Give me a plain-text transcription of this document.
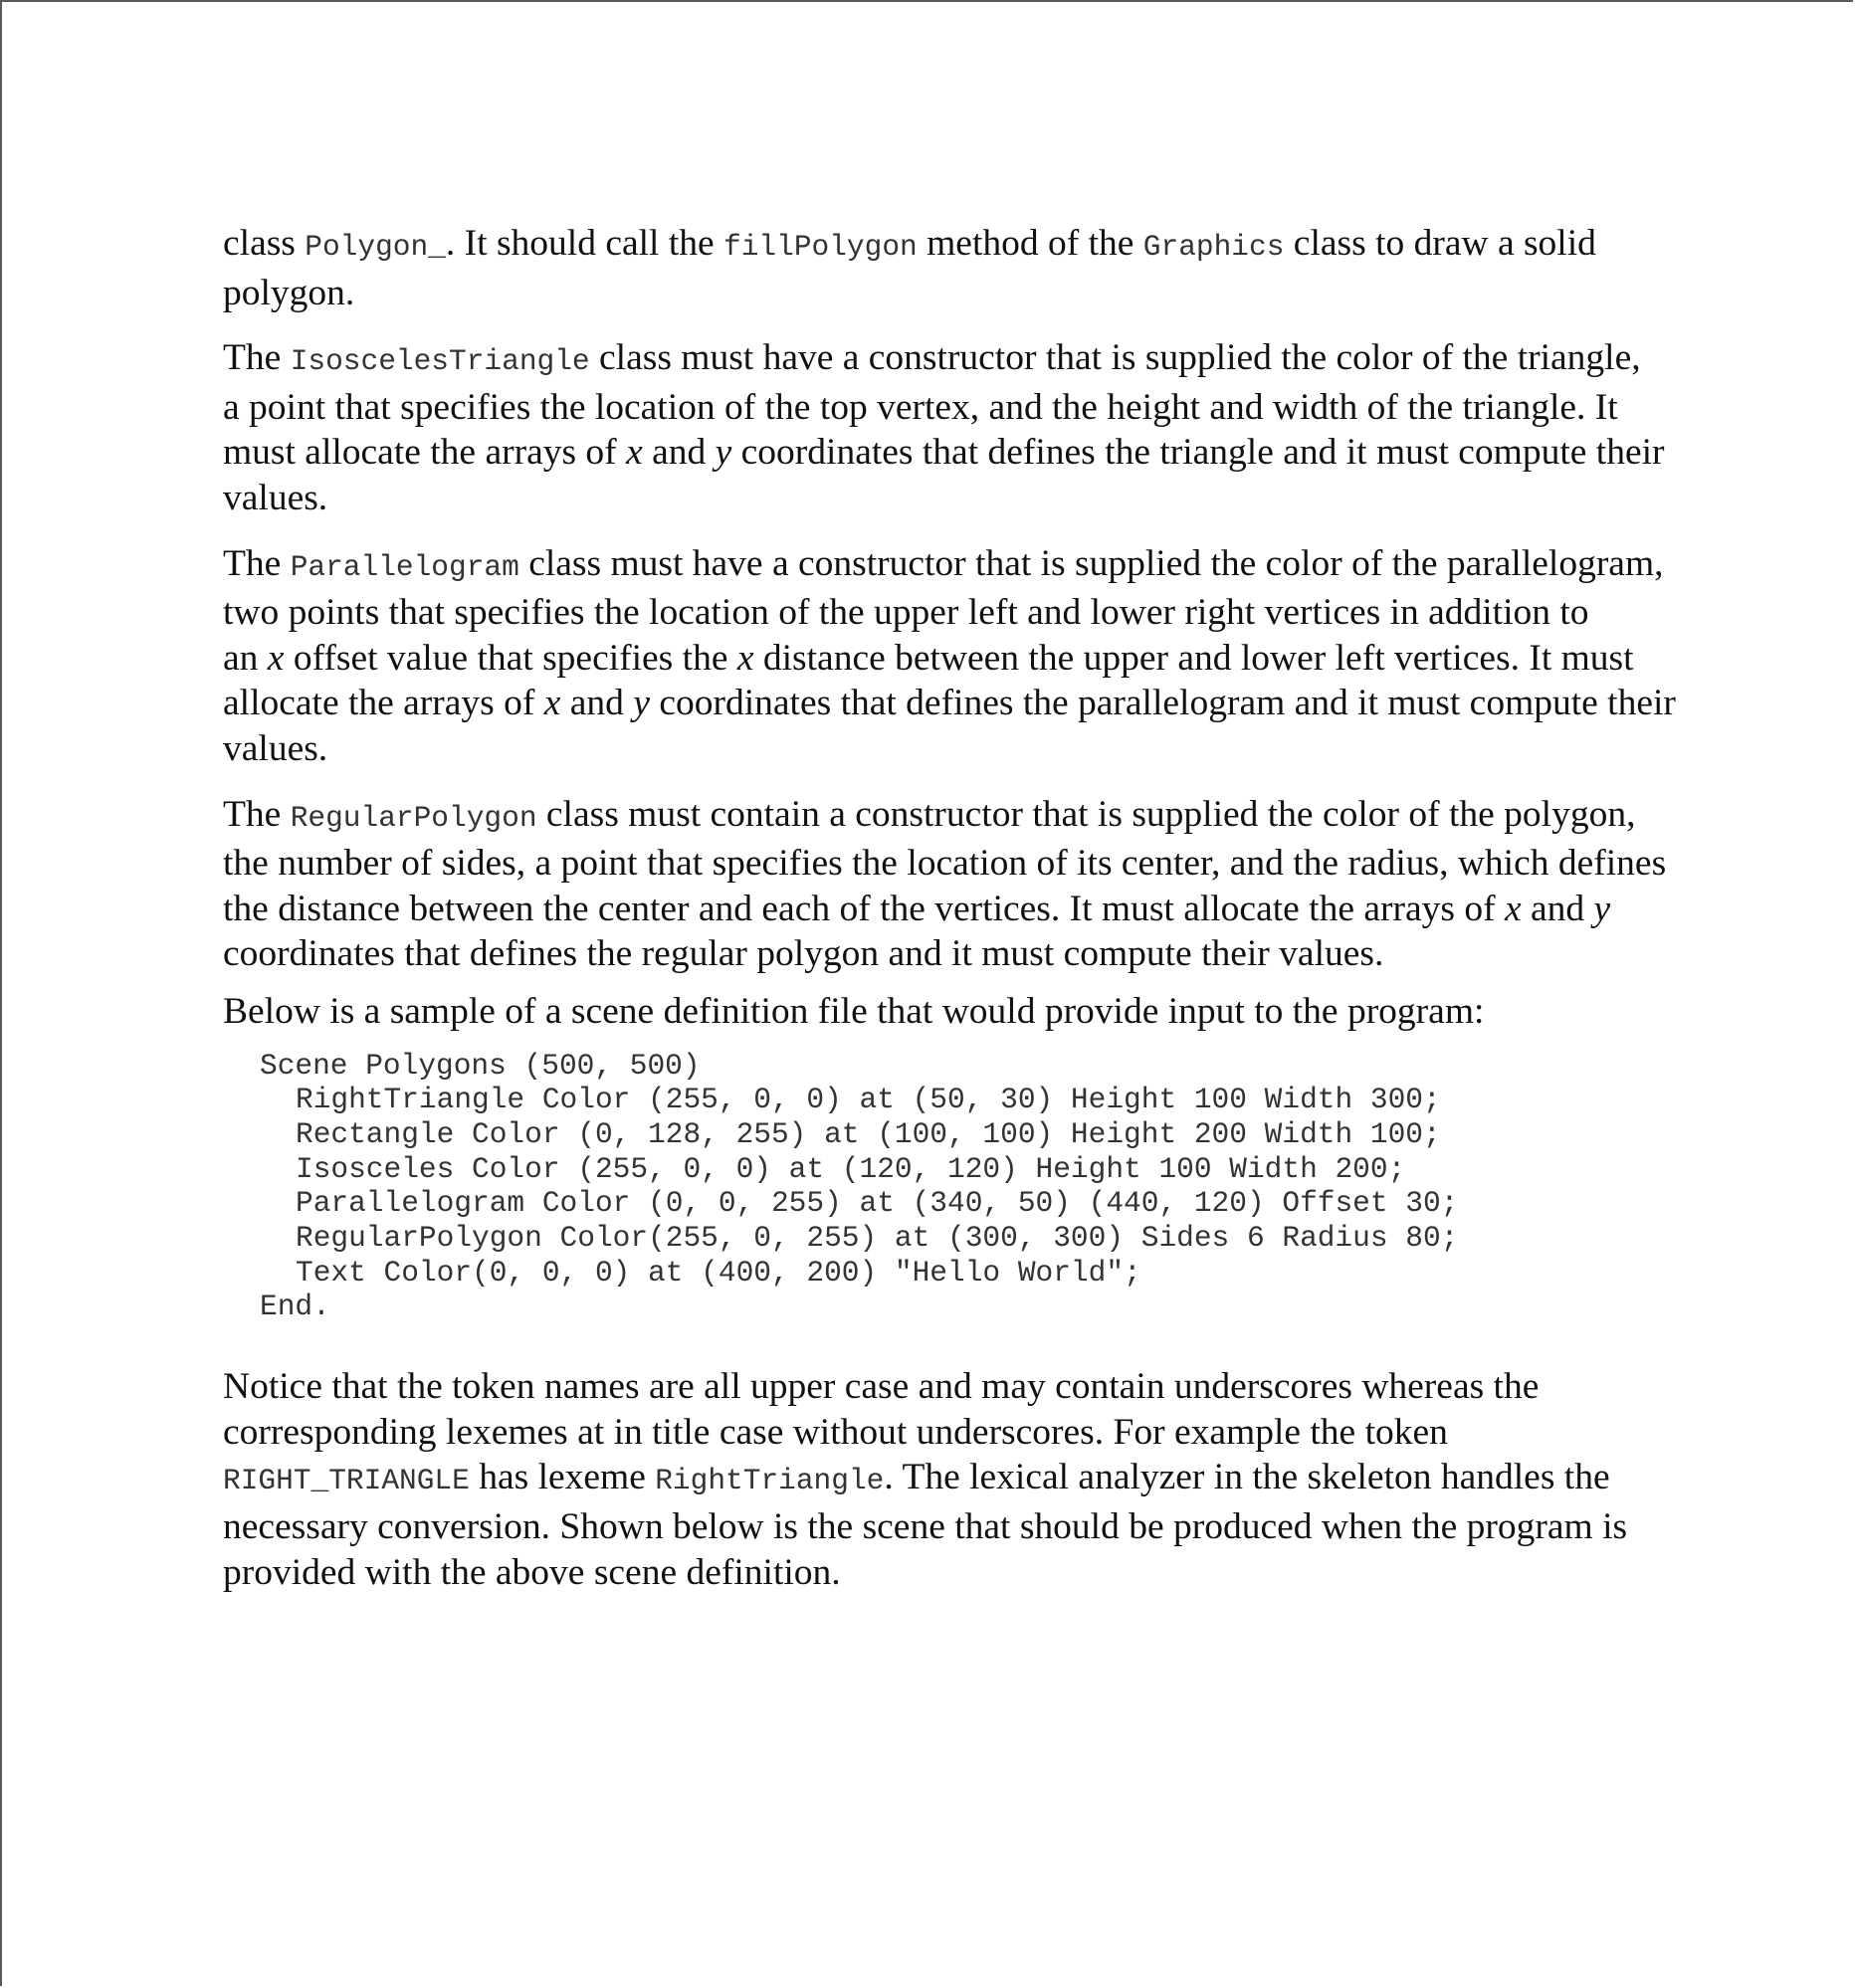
class Polygon_. It should call the fillPolygon method of the Graphics class to draw a solid
polygon.

The IsoscelesTriangle class must have a constructor that is supplied the color of the triangle,
a point that specifies the location of the top vertex, and the height and width of the triangle. It
must allocate the arrays of x and y coordinates that defines the triangle and it must compute their
values.

The Parallelogram class must have a constructor that is supplied the color of the parallelogram,
two points that specifies the location of the upper left and lower right vertices in addition to
an x offset value that specifies the x distance between the upper and lower left vertices. It must
allocate the arrays of x and y coordinates that defines the parallelogram and it must compute their
values.

The RegularPolygon class must contain a constructor that is supplied the color of the polygon,
the number of sides, a point that specifies the location of its center, and the radius, which defines
the distance between the center and each of the vertices. It must allocate the arrays of x and y
coordinates that defines the regular polygon and it must compute their values.

Below is a sample of a scene definition file that would provide input to the program:

Scene Polygons (500, 500)
RightTriangle Color (255, 0, 0) at (50, 30) Height 100 Width 300;
Rectangle Color (0, 128, 255) at (100, 100) Height 200 Width 100;
Isosceles Color (255, 0, 0) at (120, 120) Height 100 Width 200;
Parallelogram Color (0, 0, 255) at (340, 50) (440, 120) Offset 30;
RegularPolygon Color(255, 0, 255) at (300, 300) Sides 6 Radius 80;
Text Color(0, 0, 0) at (400, 200) "Hello World";
End.

Notice that the token names are all upper case and may contain underscores whereas the
corresponding lexemes at in title case without underscores. For example the token
RIGHT_TRIANGLE has lexeme RightTriangle. The lexical analyzer in the skeleton handles the
necessary conversion. Shown below is the scene that should be produced when the program is
provided with the above scene definition.
